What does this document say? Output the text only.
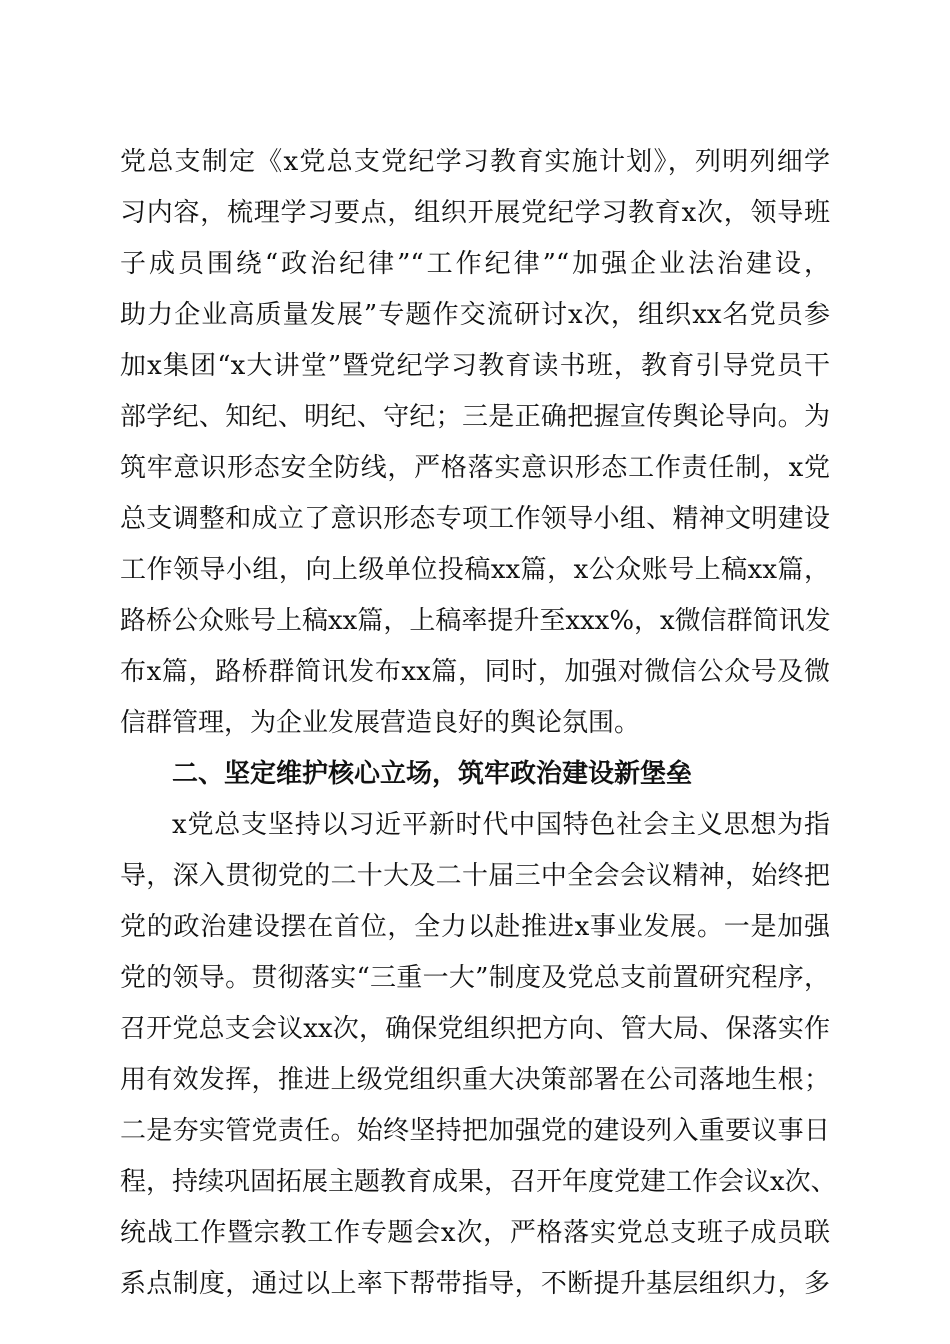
党总支制定《x党总支党纪学习教育实施计划》，列明列细学
习内容，梳理学习要点，组织开展党纪学习教育x次，领导班
子成员围绕“政治纪律”“工作纪律”“加强企业法治建设，
助力企业高质量发展”专题作交流研讨x次，组织xx名党员参
加x集团“x大讲堂”暨党纪学习教育读书班，教育引导党员干
部学纪、知纪、明纪、守纪；三是正确把握宣传舆论导向。为
筑牢意识形态安全防线，严格落实意识形态工作责任制，x党
总支调整和成立了意识形态专项工作领导小组、精神文明建设
工作领导小组，向上级单位投稿xx篇，x公众账号上稿xx篇，
路桥公众账号上稿xx篇，上稿率提升至xxx%，x微信群简讯发
布x篇，路桥群简讯发布xx篇，同时，加强对微信公众号及微
信群管理，为企业发展营造良好的舆论氛围。
二、坚定维护核心立场，筑牢政治建设新堡垒
x党总支坚持以习近平新时代中国特色社会主义思想为指
导，深入贯彻党的二十大及二十届三中全会会议精神，始终把
党的政治建设摆在首位，全力以赴推进x事业发展。一是加强
党的领导。贯彻落实“三重一大”制度及党总支前置研究程序，
召开党总支会议xx次，确保党组织把方向、管大局、保落实作
用有效发挥，推进上级党组织重大决策部署在公司落地生根；
二是夯实管党责任。始终坚持把加强党的建设列入重要议事日
程，持续巩固拓展主题教育成果，召开年度党建工作会议x次、
统战工作暨宗教工作专题会x次，严格落实党总支班子成员联
系点制度，通过以上率下帮带指导，不断提升基层组织力，多
